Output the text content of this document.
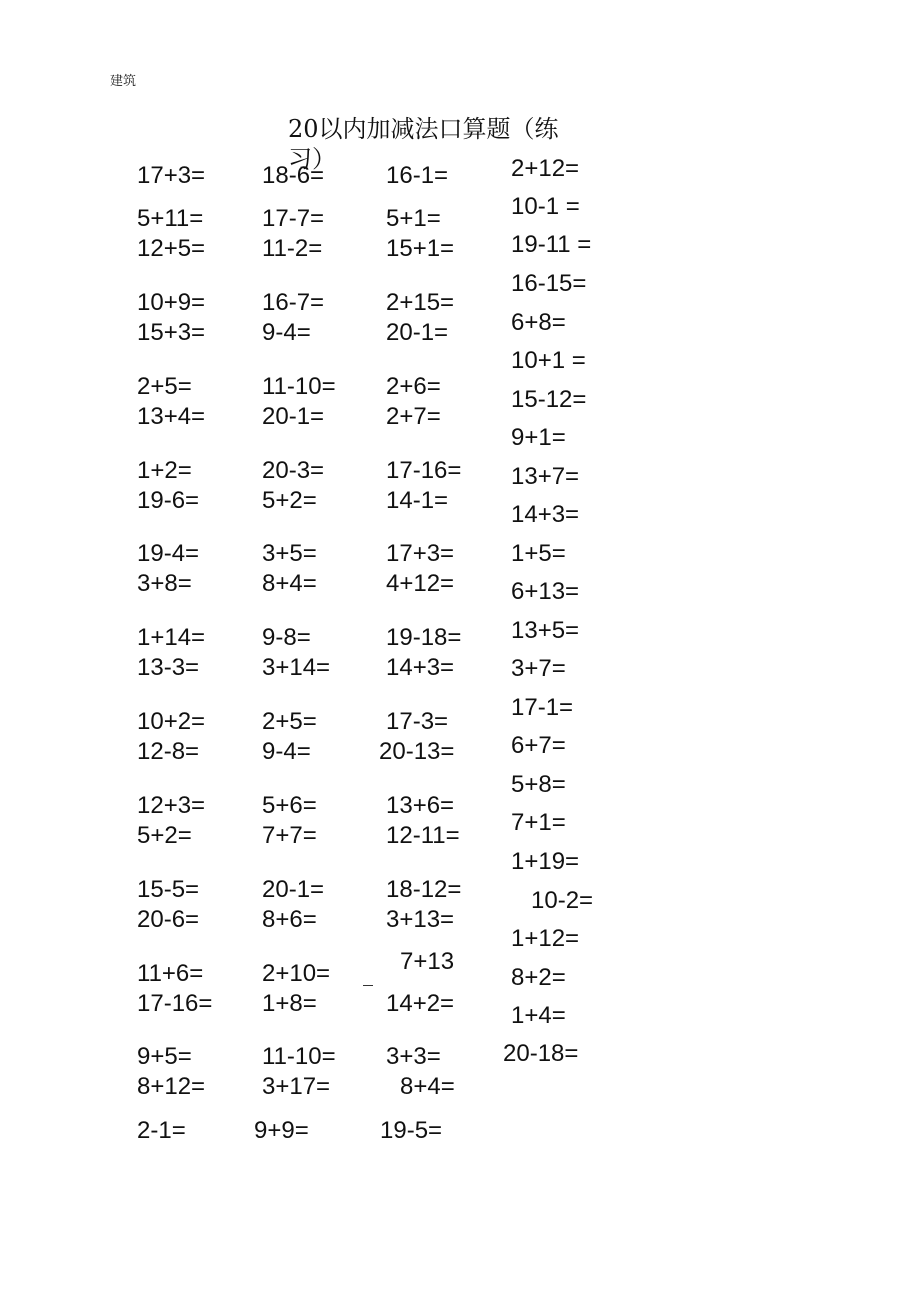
建筑
20以内加减法口算题（练习）
17+3= 18-6=	16-1=
5+11= 17-7=	5+1=
12+5= 11-2=	15+1=
10+9= 16-7=	2+15=
15+3= 9-4=	20-1=
2+5=	11-10= 2+6=
13+4= 20-1=	2+7=
1+2=	20-3=	17-16=
19-6=	5+2=	14-1=
19-4=	3+5=	17+3=
3+8=	8+4=	4+12=
1+14= 9-8=	19-18=
13-3=	3+14= 14+3=
10+2= 2+5=	17-3=
12-8=	9-4=	20-13=
12+3= 5+6=	13+6=
5+2=	7+7=	12-11=
15-5=	20-1=	18-12=
20-6=	8+6=	3+13=
11+6= 2+10=	7+13
17-16= 1+8=	14+2=
9+5=	11-10= 3+3=
8+12= 3+17=	8+4=
2-1=	9+9=	19-5=
2+12=
10-1 =
19-11 =
16-15=
6+8=
10+1 =
15-12=
9+1=
13+7=
14+3=
1+5=
6+13=
13+5=
3+7=
17-1=
6+7=
5+8=
7+1=
1+19=
10-2=
1+12=
8+2=
1+4=
20-18=
